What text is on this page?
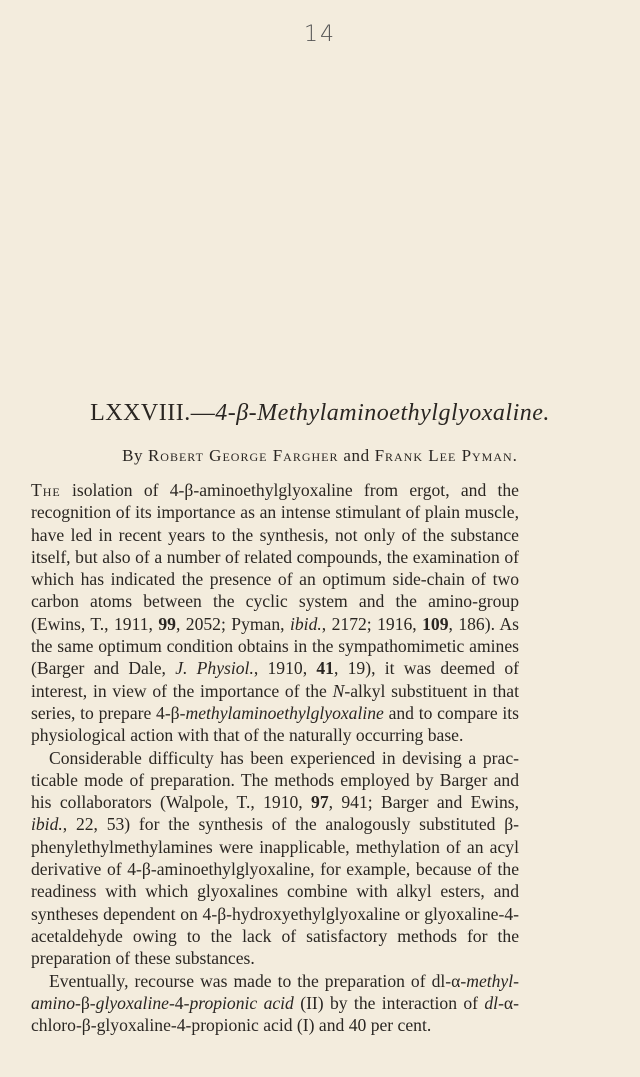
14
LXXVIII.—4-β-Methylaminoethylglyoxaline.
By Robert George Fargher and Frank Lee Pyman.

The isolation of 4-β-aminoethylglyoxaline from ergot, and the recognition of its importance as an intense stimulant of plain muscle, have led in recent years to the synthesis, not only of the substance itself, but also of a number of related compounds, the examination of which has indicated the presence of an optimum side-chain of two carbon atoms between the cyclic system and the amino-group (Ewins, T., 1911, 99, 2052; Pyman, ibid., 2172; 1916, 109, 186). As the same optimum condition obtains in the sympathomimetic amines (Barger and Dale, J. Physiol., 1910, 41, 19), it was deemed of interest, in view of the importance of the N-alkyl substituent in that series, to prepare 4-β-methylaminoethylglyoxaline and to compare its physiological action with that of the naturally occurring base.

Considerable difficulty has been experienced in devising a practicable mode of preparation. The methods employed by Barger and his collaborators (Walpole, T., 1910, 97, 941; Barger and Ewins, ibid., 22, 53) for the synthesis of the analogously substituted β-phenylethylmethylamines were inapplicable, methylation of an acyl derivative of 4-β-aminoethylglyoxaline, for example, because of the readiness with which glyoxalines combine with alkyl esters, and syntheses dependent on 4-β-hydroxyethylglyoxaline or glyoxaline-4-acetaldehyde owing to the lack of satisfactory methods for the preparation of these substances.

Eventually, recourse was made to the preparation of dl-α-methylamino-β-glyoxaline-4-propionic acid (II) by the interaction of dl-α-chloro-β-glyoxaline-4-propionic acid (I) and 40 per cent.
